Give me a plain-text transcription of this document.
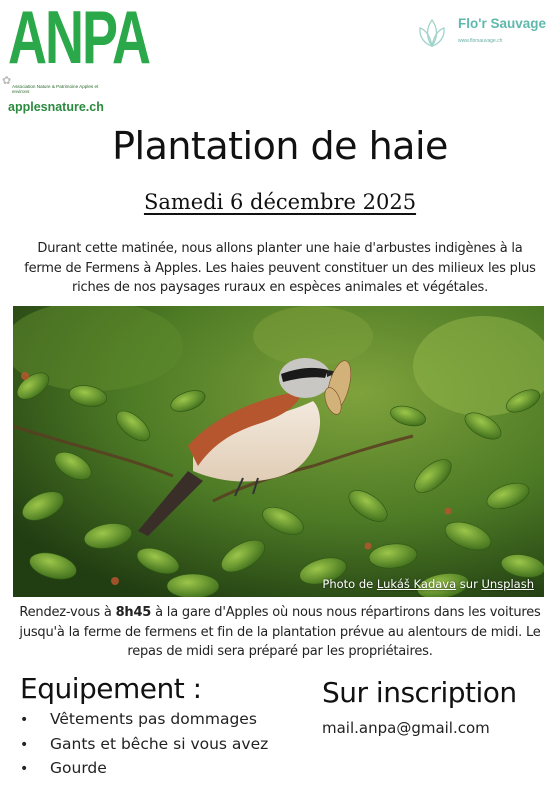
ANPA
✿ Association Nature & Patrimoine Apples et environs
applesnature.ch
Flo'r Sauvage
www.florsauvage.ch
Plantation de haie
Samedi 6 décembre 2025
Durant cette matinée, nous allons planter une haie d'arbustes indigènes à la ferme de Fermens à Apples. Les haies peuvent constituer un des milieux les plus riches de nos paysages ruraux en espèces animales et végétales.
Photo de Lukáš Kadava sur Unsplash
Rendez-vous à 8h45 à la gare d'Apples où nous nous répartirons dans les voitures jusqu'à la ferme de fermens et fin de la plantation prévue au alentours de midi. Le repas de midi sera préparé par les propriétaires.
Equipement :
• Vêtements pas dommages
• Gants et bêche si vous avez
• Gourde
Sur inscription
mail.anpa@gmail.com
